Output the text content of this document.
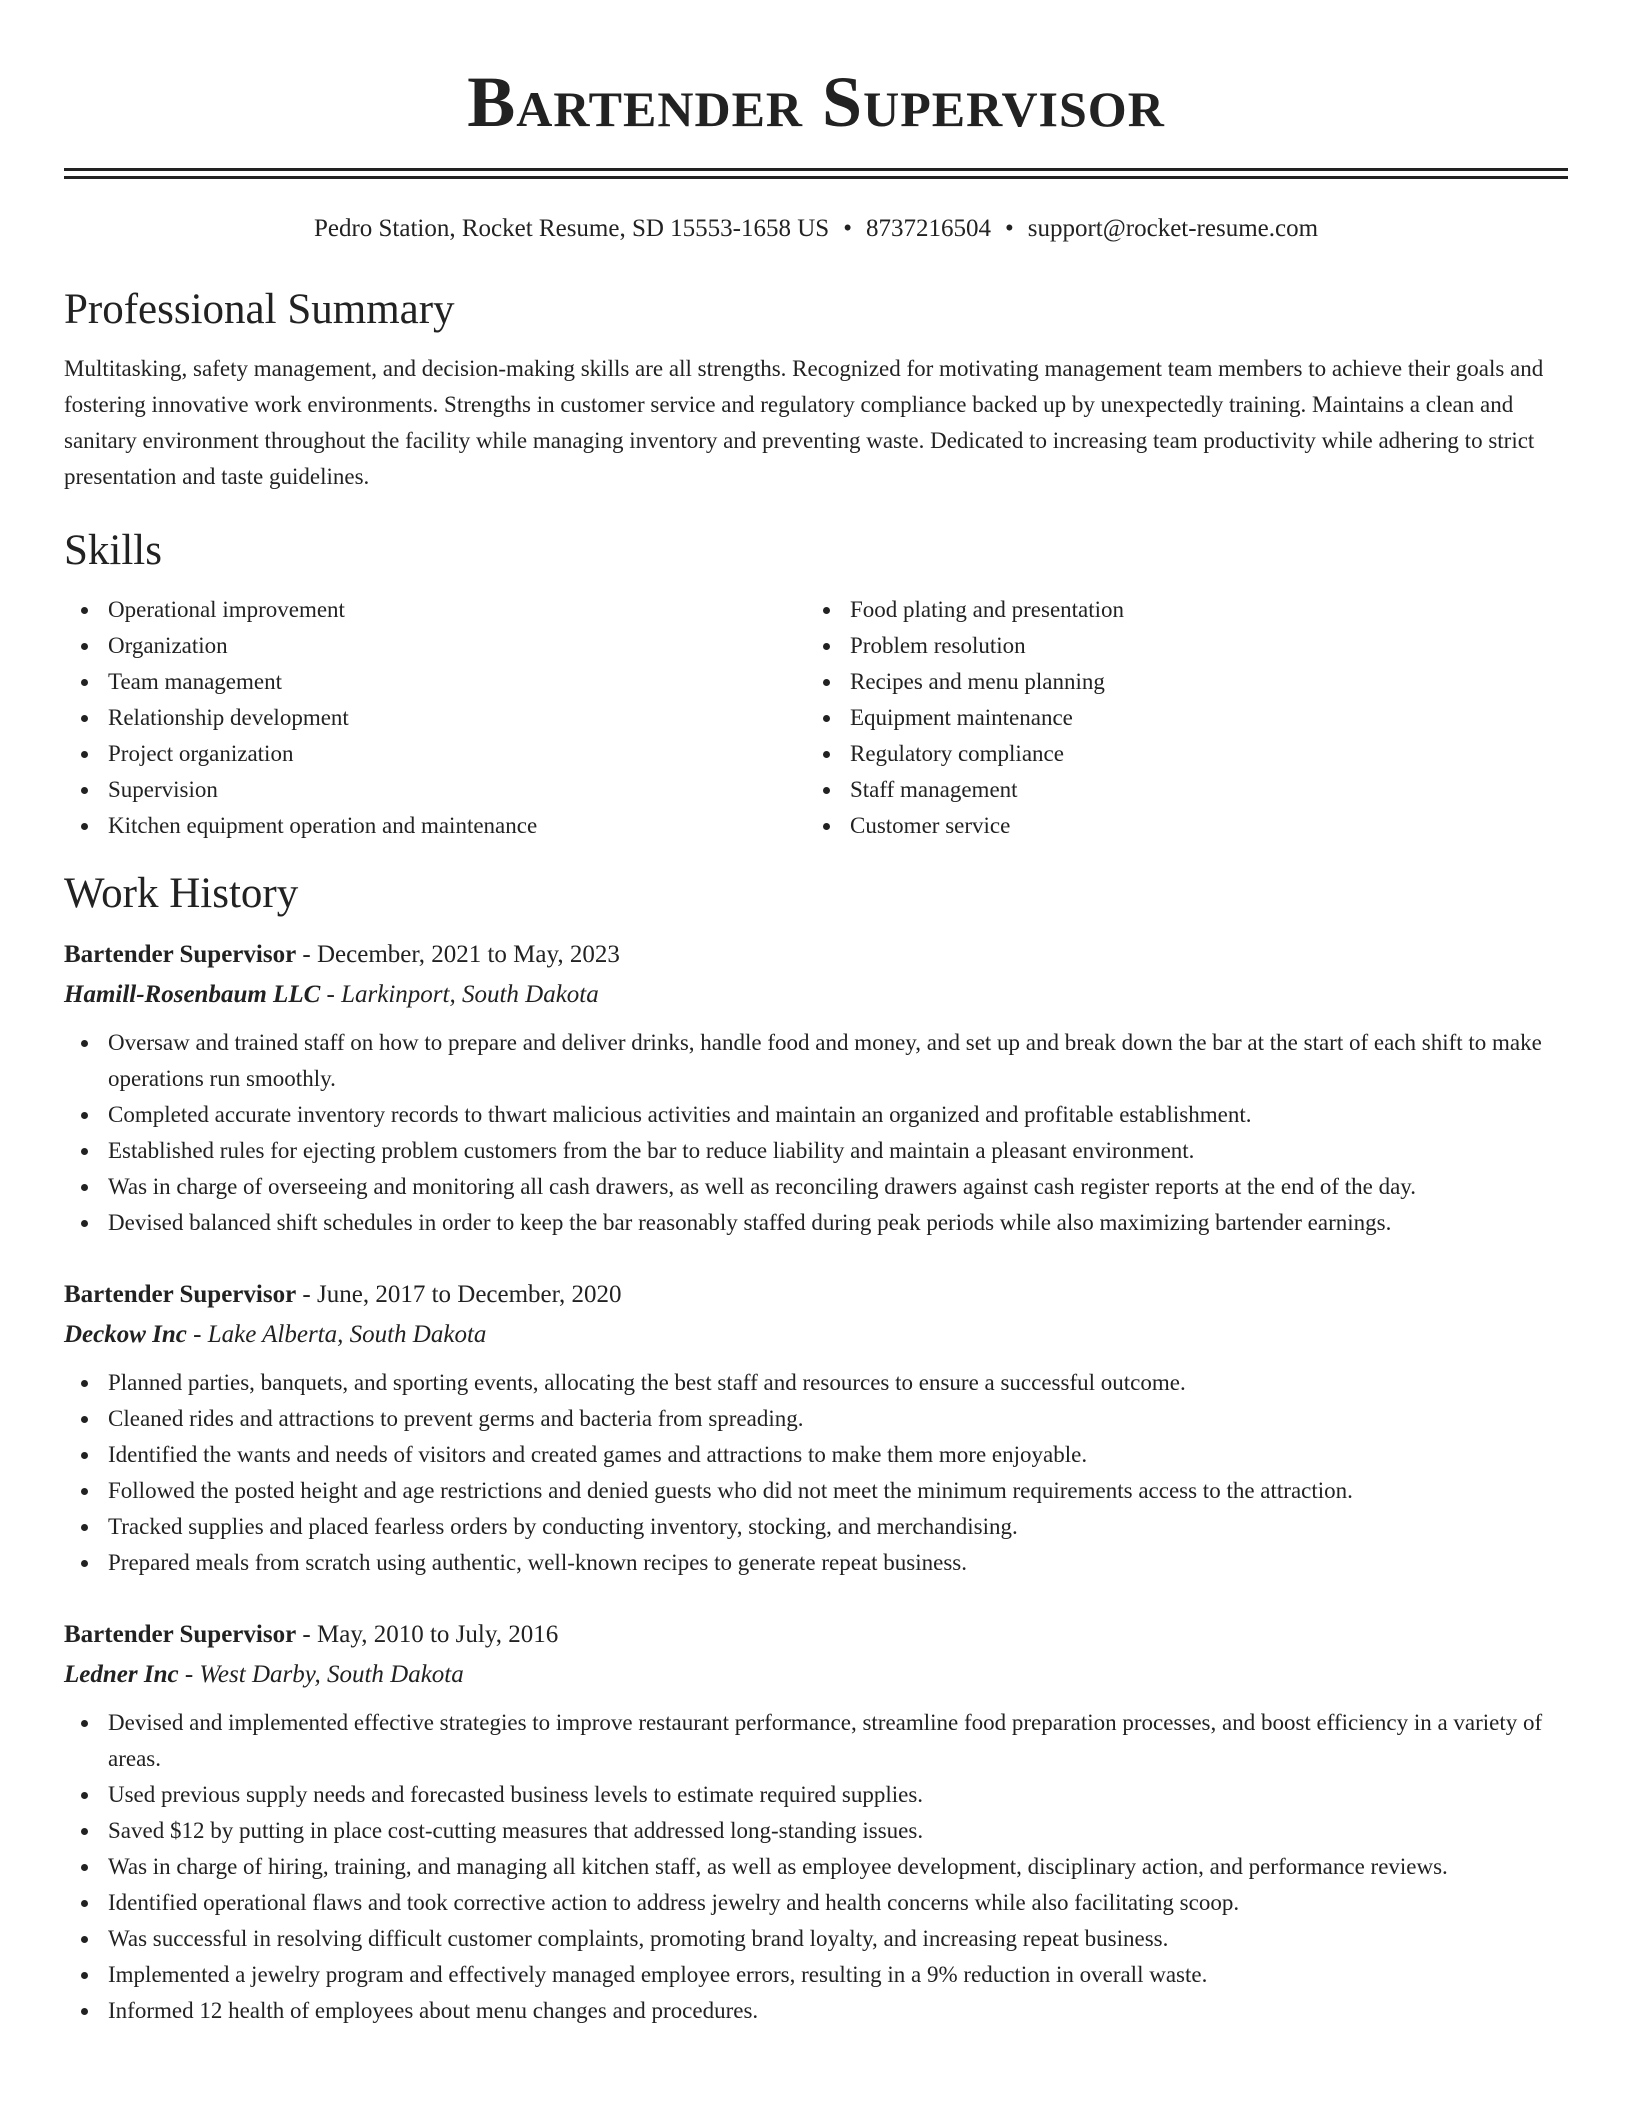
Bartender Supervisor
Pedro Station, Rocket Resume, SD 15553-1658 US • 8737216504 • support@rocket-resume.com
Professional Summary

Multitasking, safety management, and decision-making skills are all strengths. Recognized for motivating management team members to achieve their goals and fostering innovative work environments. Strengths in customer service and regulatory compliance backed up by unexpectedly training. Maintains a clean and sanitary environment throughout the facility while managing inventory and preventing waste. Dedicated to increasing team productivity while adhering to strict presentation and taste guidelines.

Skills
Operational improvement
Organization
Team management
Relationship development
Project organization
Supervision
Kitchen equipment operation and maintenance
Food plating and presentation
Problem resolution
Recipes and menu planning
Equipment maintenance
Regulatory compliance
Staff management
Customer service
Work History
Bartender Supervisor - December, 2021 to May, 2023
Hamill-Rosenbaum LLC - Larkinport, South Dakota
Oversaw and trained staff on how to prepare and deliver drinks, handle food and money, and set up and break down the bar at the start of each shift to make operations run smoothly.
Completed accurate inventory records to thwart malicious activities and maintain an organized and profitable establishment.
Established rules for ejecting problem customers from the bar to reduce liability and maintain a pleasant environment.
Was in charge of overseeing and monitoring all cash drawers, as well as reconciling drawers against cash register reports at the end of the day.
Devised balanced shift schedules in order to keep the bar reasonably staffed during peak periods while also maximizing bartender earnings.
Bartender Supervisor - June, 2017 to December, 2020
Deckow Inc - Lake Alberta, South Dakota
Planned parties, banquets, and sporting events, allocating the best staff and resources to ensure a successful outcome.
Cleaned rides and attractions to prevent germs and bacteria from spreading.
Identified the wants and needs of visitors and created games and attractions to make them more enjoyable.
Followed the posted height and age restrictions and denied guests who did not meet the minimum requirements access to the attraction.
Tracked supplies and placed fearless orders by conducting inventory, stocking, and merchandising.
Prepared meals from scratch using authentic, well-known recipes to generate repeat business.
Bartender Supervisor - May, 2010 to July, 2016
Ledner Inc - West Darby, South Dakota
Devised and implemented effective strategies to improve restaurant performance, streamline food preparation processes, and boost efficiency in a variety of areas.
Used previous supply needs and forecasted business levels to estimate required supplies.
Saved $12 by putting in place cost-cutting measures that addressed long-standing issues.
Was in charge of hiring, training, and managing all kitchen staff, as well as employee development, disciplinary action, and performance reviews.
Identified operational flaws and took corrective action to address jewelry and health concerns while also facilitating scoop.
Was successful in resolving difficult customer complaints, promoting brand loyalty, and increasing repeat business.
Implemented a jewelry program and effectively managed employee errors, resulting in a 9% reduction in overall waste.
Informed 12 health of employees about menu changes and procedures.
